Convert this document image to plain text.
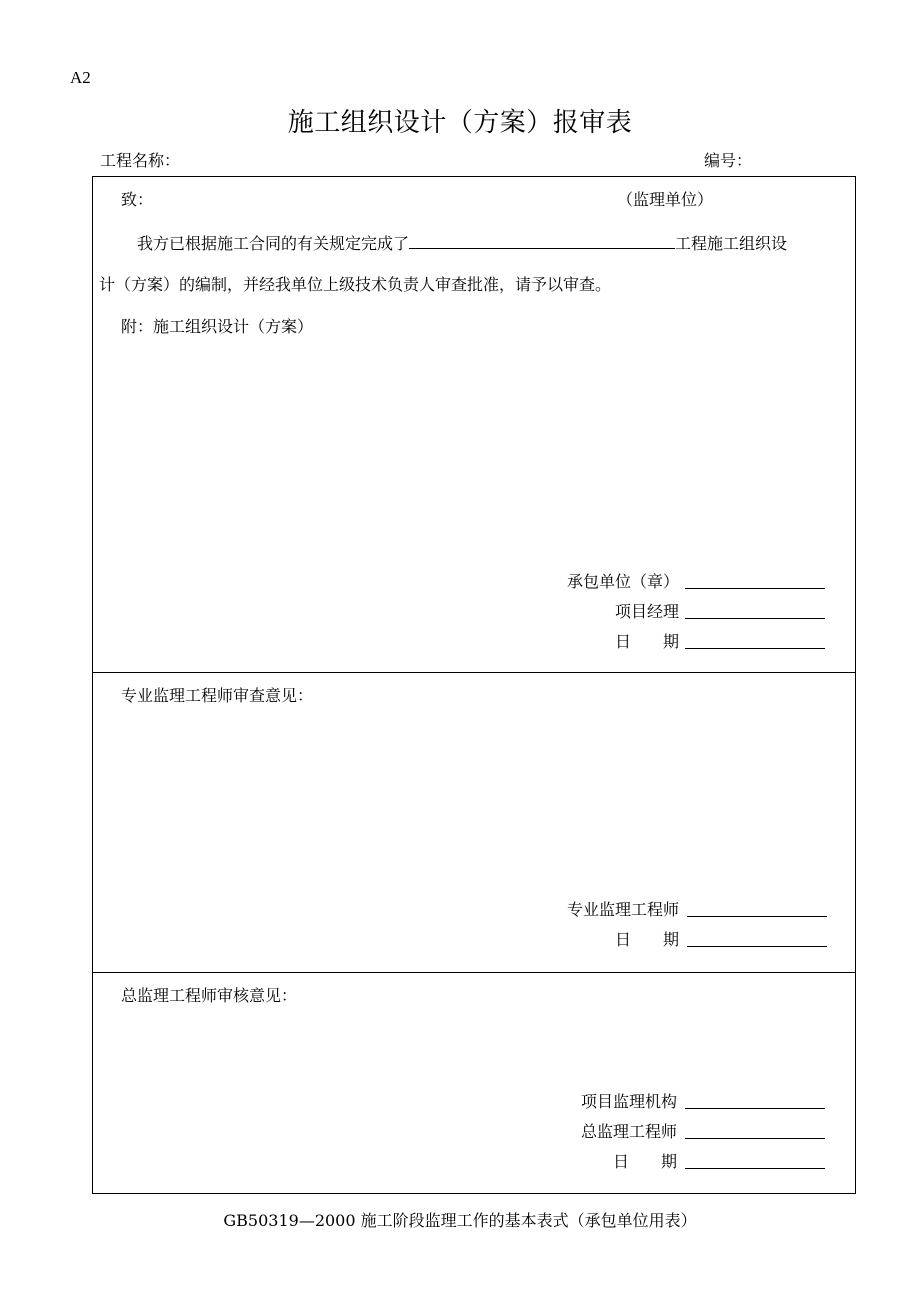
A2
施工组织设计（方案）报审表
工程名称：	编号：
致：	（监理单位）
我方已根据施工合同的有关规定完成了	工程施工组织设
计（方案）的编制，并经我单位上级技术负责人审查批准，请予以审查。
附：施工组织设计（方案）
承包单位（章）
项目经理
日　　期
专业监理工程师审查意见：
专业监理工程师
日　　期
总监理工程师审核意见：
项目监理机构
总监理工程师
日　　期
GB50319—2000 施工阶段监理工作的基本表式（承包单位用表）
